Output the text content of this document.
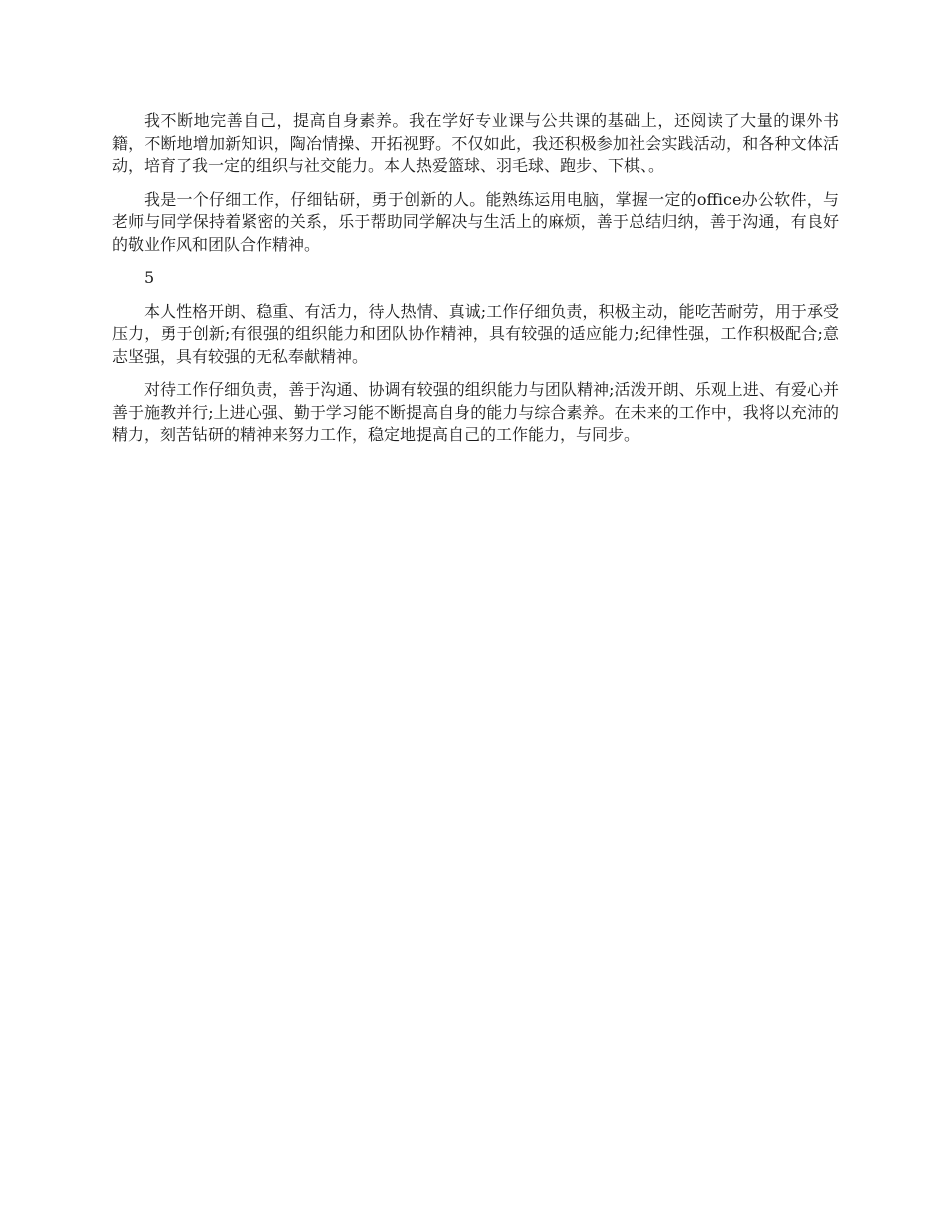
我不断地完善自己，提高自身素养。我在学好专业课与公共课的基础上，还阅读了大量的课外书籍，不断地增加新知识，陶冶情操、开拓视野。不仅如此，我还积极参加社会实践活动，和各种文体活动，培育了我一定的组织与社交能力。本人热爱篮球、羽毛球、跑步、下棋、。

我是一个仔细工作，仔细钻研，勇于创新的人。能熟练运用电脑，掌握一定的office办公软件，与老师与同学保持着紧密的关系，乐于帮助同学解决与生活上的麻烦，善于总结归纳，善于沟通，有良好的敬业作风和团队合作精神。

5

本人性格开朗、稳重、有活力，待人热情、真诚;工作仔细负责，积极主动，能吃苦耐劳，用于承受压力，勇于创新;有很强的组织能力和团队协作精神，具有较强的适应能力;纪律性强，工作积极配合;意志坚强，具有较强的无私奉献精神。

对待工作仔细负责，善于沟通、协调有较强的组织能力与团队精神;活泼开朗、乐观上进、有爱心并善于施教并行;上进心强、勤于学习能不断提高自身的能力与综合素养。在未来的工作中，我将以充沛的精力，刻苦钻研的精神来努力工作，稳定地提高自己的工作能力，与同步。
